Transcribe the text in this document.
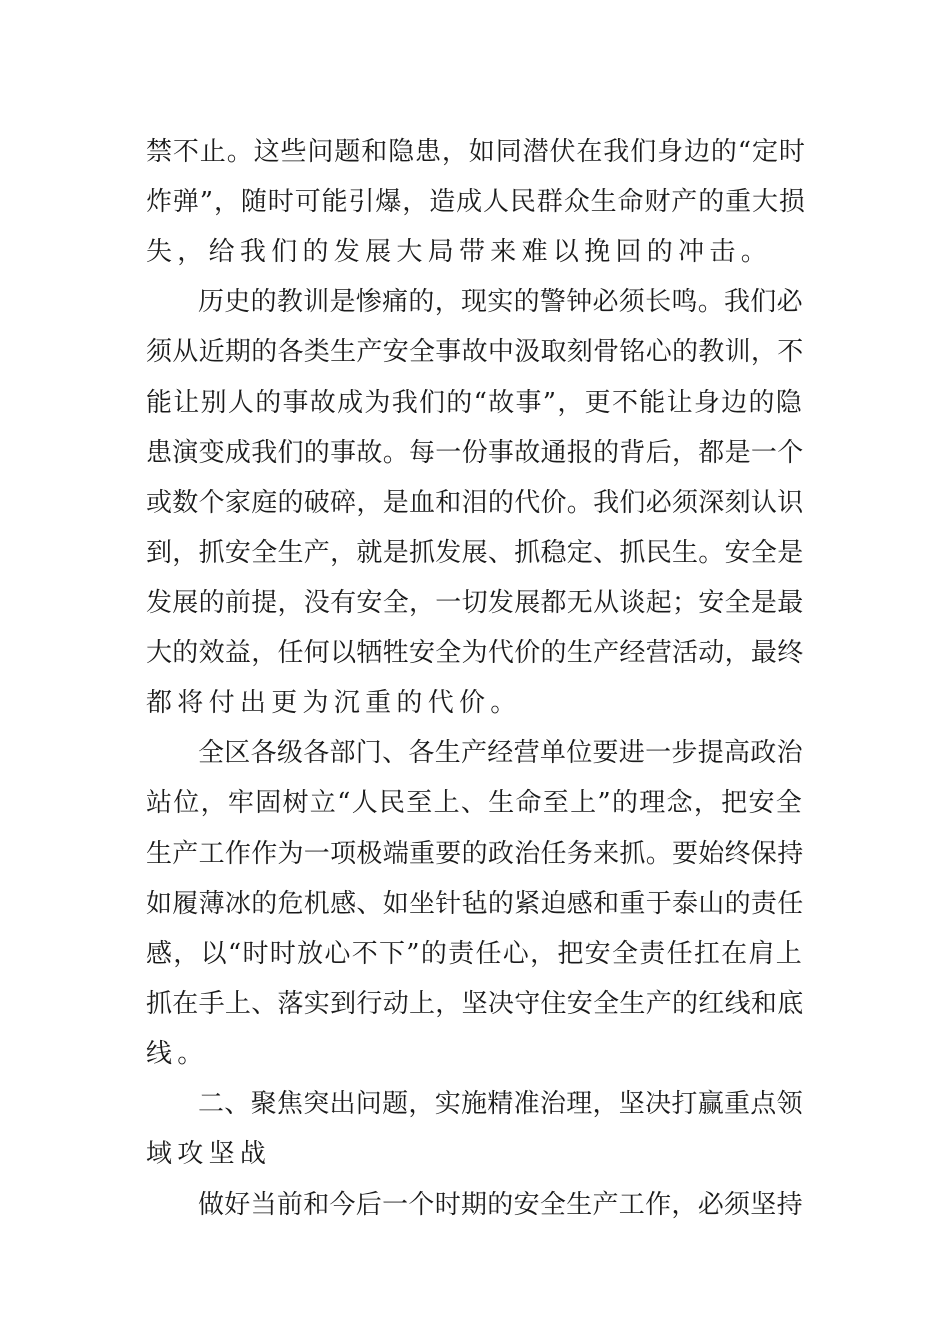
禁不止。这些问题和隐患，如同潜伏在我们身边的“定时
炸弹”，随时可能引爆，造成人民群众生命财产的重大损
失，给我们的发展大局带来难以挽回的冲击。
历史的教训是惨痛的，现实的警钟必须长鸣。我们必
须从近期的各类生产安全事故中汲取刻骨铭心的教训，不
能让别人的事故成为我们的“故事”，更不能让身边的隐
患演变成我们的事故。每一份事故通报的背后，都是一个
或数个家庭的破碎，是血和泪的代价。我们必须深刻认识
到，抓安全生产，就是抓发展、抓稳定、抓民生。安全是
发展的前提，没有安全，一切发展都无从谈起；安全是最
大的效益，任何以牺牲安全为代价的生产经营活动，最终
都将付出更为沉重的代价。
全区各级各部门、各生产经营单位要进一步提高政治
站位，牢固树立“人民至上、生命至上”的理念，把安全
生产工作作为一项极端重要的政治任务来抓。要始终保持
如履薄冰的危机感、如坐针毡的紧迫感和重于泰山的责任
感，以“时时放心不下”的责任心，把安全责任扛在肩上
抓在手上、落实到行动上，坚决守住安全生产的红线和底
线。
二、聚焦突出问题，实施精准治理，坚决打赢重点领
域攻坚战
做好当前和今后一个时期的安全生产工作，必须坚持
